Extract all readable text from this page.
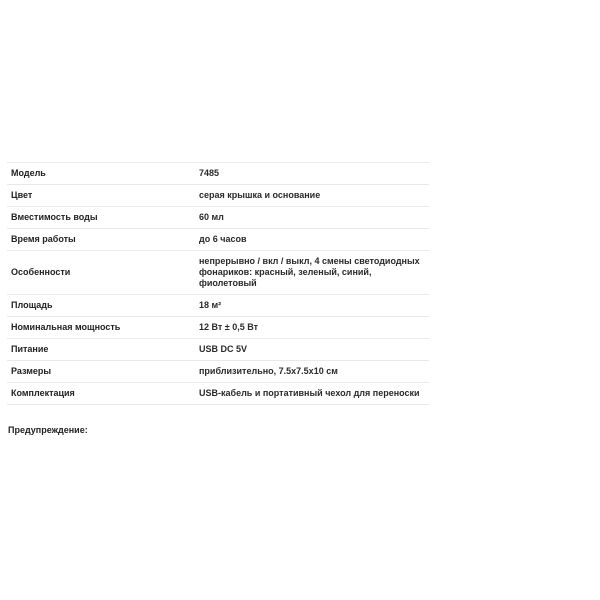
Модель	7485
Цвет	серая крышка и основание
Вместимость воды	60 мл
Время работы	до 6 часов
Особенности	непрерывно / вкл / выкл, 4 смены светодиодных фонариков: красный, зеленый, синий, фиолетовый
Площадь	18 м²
Номинальная мощность	12 Вт ± 0,5 Вт
Питание	USB DC 5V
Размеры	приблизительно, 7.5x7.5x10 см
Комплектация	USB-кабель и портативный чехол для переноски
Предупреждение:
